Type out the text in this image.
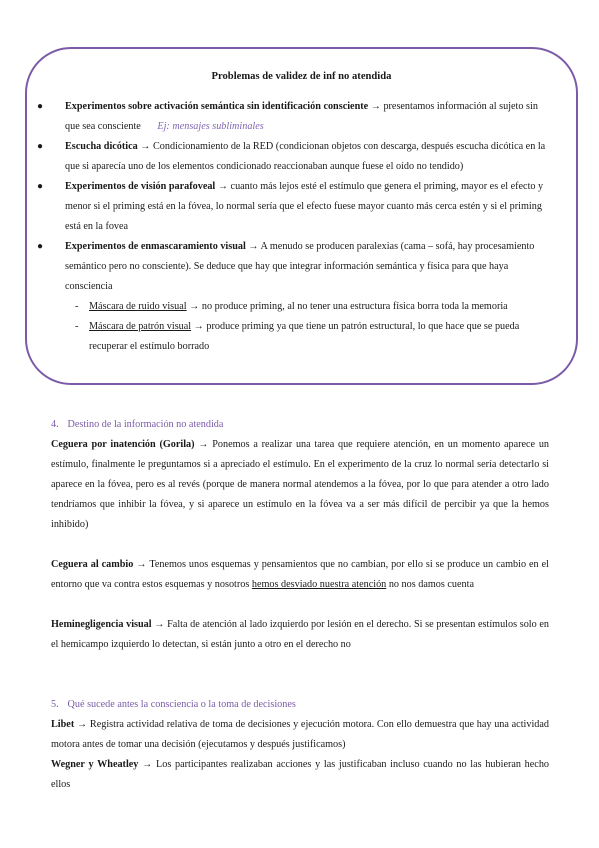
Problemas de validez de inf no atendida

● Experimentos sobre activación semántica sin identificación consciente → presentamos información al sujeto sin que sea consciente Ej: mensajes subliminales

● Escucha dicótica → Condicionamiento de la RED (condicionan objetos con descarga, después escucha dicótica en la que si aparecía uno de los elementos condicionado reaccionaban aunque fuese el oído no tendido)

● Experimentos de visión parafoveal → cuanto más lejos esté el estímulo que genera el priming, mayor es el efecto y menor si el priming está en la fóvea, lo normal sería que el efecto fuese mayor cuanto más cerca estén y si el priming está en la fovea

● Experimentos de enmascaramiento visual → A menudo se producen paralexias (cama – sofá, hay procesamiento semántico pero no consciente). Se deduce que hay que integrar información semántica y física para que haya consciencia

- Máscara de ruido visual → no produce priming, al no tener una estructura física borra toda la memoria

- Máscara de patrón visual → produce priming ya que tiene un patrón estructural, lo que hace que se pueda recuperar el estímulo borrado

4. Destino de la información no atendida

Ceguera por inatención (Gorila) → Ponemos a realizar una tarea que requiere atención, en un momento aparece un estímulo, finalmente le preguntamos si a apreciado el estímulo. En el experimento de la cruz lo normal sería detectarlo si aparece en la fóvea, pero es al revés (porque de manera normal atendemos a la fóvea, por lo que para atender a otro lado tendríamos que inhibir la fóvea, y si aparece un estímulo en la fóvea va a ser más difícil de percibir ya que la hemos inhibido)

Ceguera al cambio → Tenemos unos esquemas y pensamientos que no cambian, por ello si se produce un cambio en el entorno que va contra estos esquemas y nosotros hemos desviado nuestra atención no nos damos cuenta

Heminegligencia visual → Falta de atención al lado izquierdo por lesión en el derecho. Si se presentan estímulos solo en el hemicampo izquierdo lo detectan, si están junto a otro en el derecho no

5. Qué sucede antes la consciencia o la toma de decisiones

Libet → Registra actividad relativa de toma de decisiones y ejecución motora. Con ello demuestra que hay una actividad motora antes de tomar una decisión (ejecutamos y después justificamos)

Wegner y Wheatley → Los participantes realizaban acciones y las justificaban incluso cuando no las hubieran hecho ellos
